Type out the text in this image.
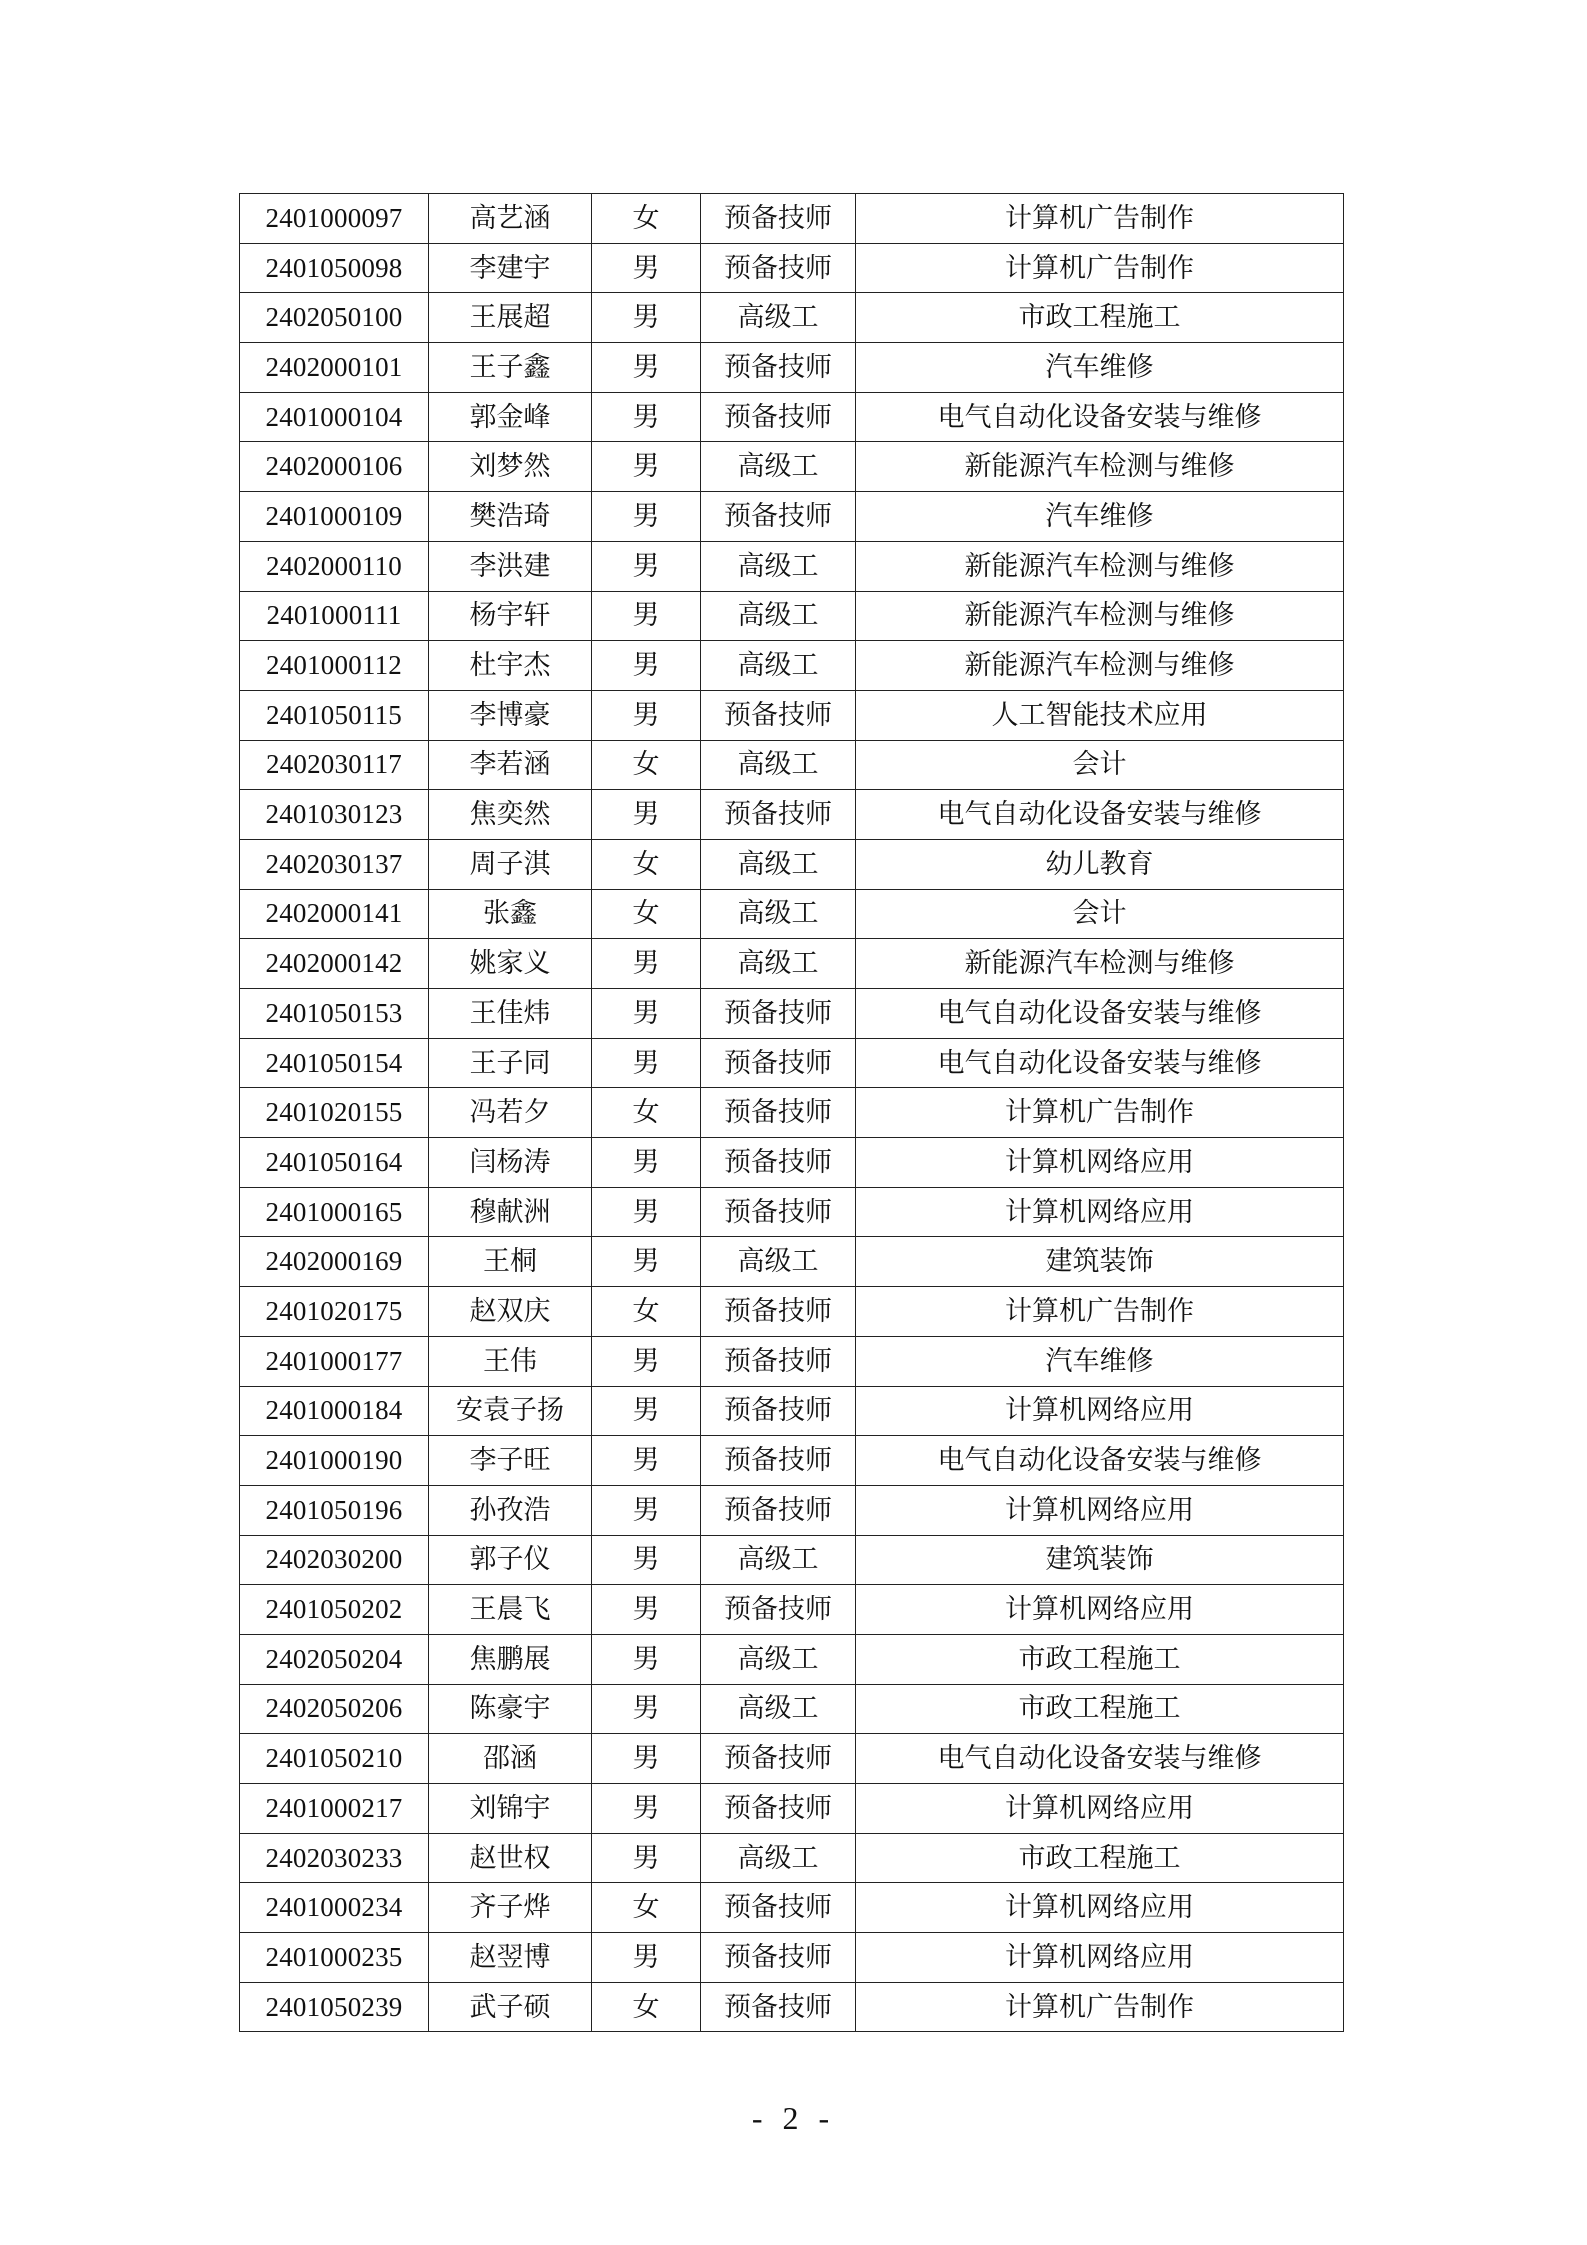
2401000097	高艺涵	女	预备技师	计算机广告制作
2401050098	李建宇	男	预备技师	计算机广告制作
2402050100	王展超	男	高级工	市政工程施工
2402000101	王子鑫	男	预备技师	汽车维修
2401000104	郭金峰	男	预备技师	电气自动化设备安装与维修
2402000106	刘梦然	男	高级工	新能源汽车检测与维修
2401000109	樊浩琦	男	预备技师	汽车维修
2402000110	李洪建	男	高级工	新能源汽车检测与维修
2401000111	杨宇轩	男	高级工	新能源汽车检测与维修
2401000112	杜宇杰	男	高级工	新能源汽车检测与维修
2401050115	李博豪	男	预备技师	人工智能技术应用
2402030117	李若涵	女	高级工	会计
2401030123	焦奕然	男	预备技师	电气自动化设备安装与维修
2402030137	周子淇	女	高级工	幼儿教育
2402000141	张鑫	女	高级工	会计
2402000142	姚家义	男	高级工	新能源汽车检测与维修
2401050153	王佳炜	男	预备技师	电气自动化设备安装与维修
2401050154	王子同	男	预备技师	电气自动化设备安装与维修
2401020155	冯若夕	女	预备技师	计算机广告制作
2401050164	闫杨涛	男	预备技师	计算机网络应用
2401000165	穆献洲	男	预备技师	计算机网络应用
2402000169	王桐	男	高级工	建筑装饰
2401020175	赵双庆	女	预备技师	计算机广告制作
2401000177	王伟	男	预备技师	汽车维修
2401000184	安袁子扬	男	预备技师	计算机网络应用
2401000190	李子旺	男	预备技师	电气自动化设备安装与维修
2401050196	孙孜浩	男	预备技师	计算机网络应用
2402030200	郭子仪	男	高级工	建筑装饰
2401050202	王晨飞	男	预备技师	计算机网络应用
2402050204	焦鹏展	男	高级工	市政工程施工
2402050206	陈豪宇	男	高级工	市政工程施工
2401050210	邵涵	男	预备技师	电气自动化设备安装与维修
2401000217	刘锦宇	男	预备技师	计算机网络应用
2402030233	赵世权	男	高级工	市政工程施工
2401000234	齐子烨	女	预备技师	计算机网络应用
2401000235	赵翌博	男	预备技师	计算机网络应用
2401050239	武子硕	女	预备技师	计算机广告制作
- 2 -
